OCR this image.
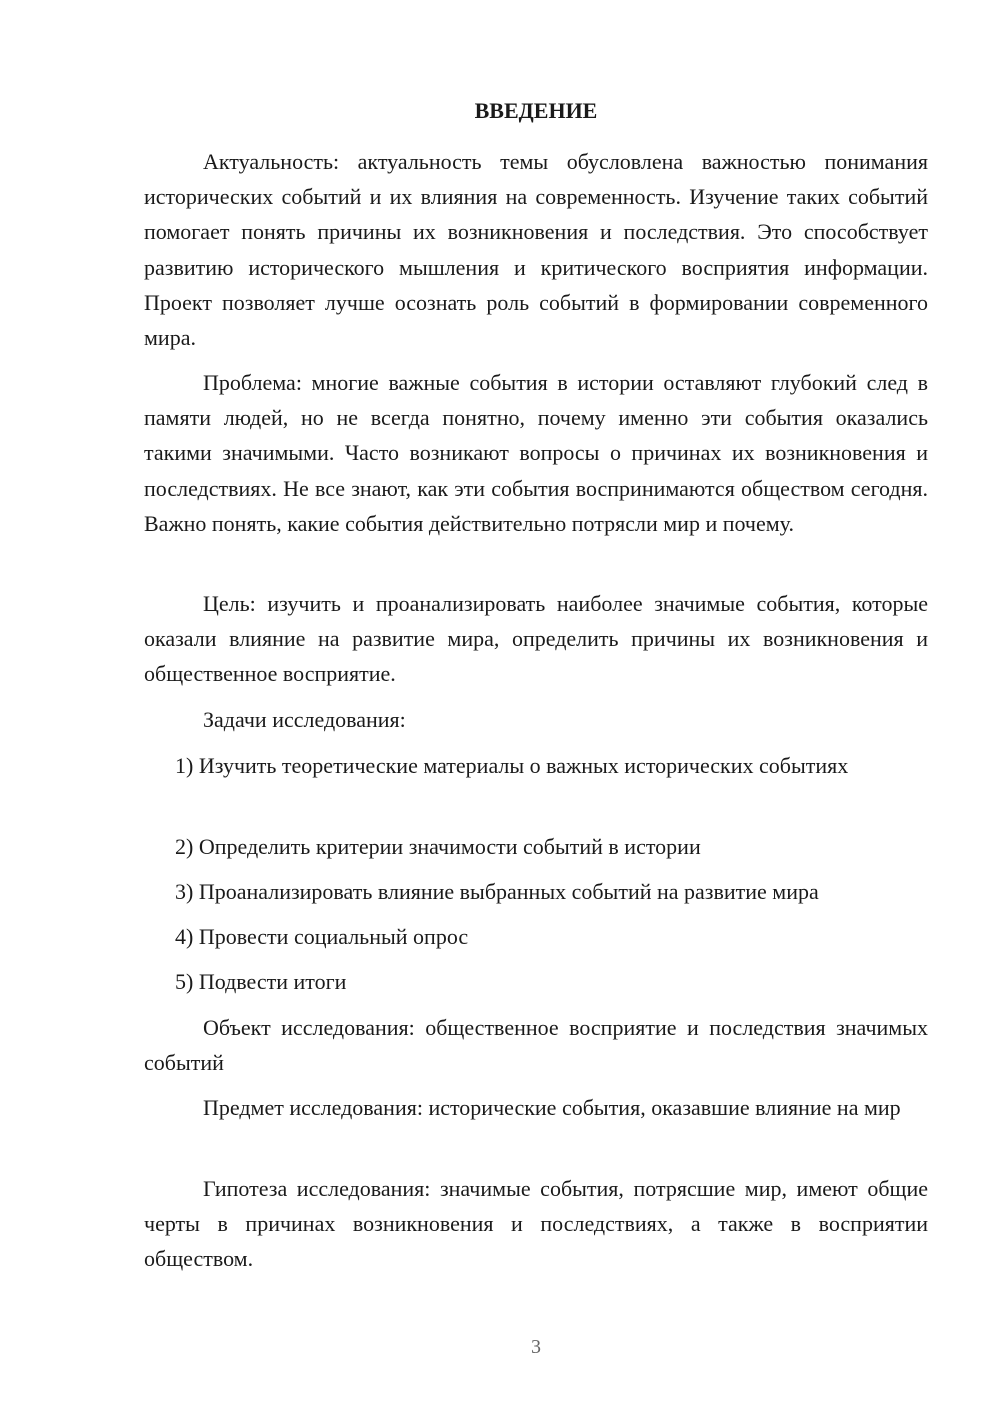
ВВЕДЕНИЕ

Актуальность: актуальность темы обусловлена важностью понимания исторических событий и их влияния на современность. Изучение таких событий помогает понять причины их возникновения и последствия. Это способствует развитию исторического мышления и критического восприятия информации. Проект позволяет лучше осознать роль событий в формировании современного мира.

Проблема: многие важные события в истории оставляют глубокий след в памяти людей, но не всегда понятно, почему именно эти события оказались такими значимыми. Часто возникают вопросы о причинах их возникновения и последствиях. Не все знают, как эти события воспринимаются обществом сегодня. Важно понять, какие события действительно потрясли мир и почему.

Цель: изучить и проанализировать наиболее значимые события, которые оказали влияние на развитие мира, определить причины их возникновения и общественное восприятие.

Задачи исследования:

1) Изучить теоретические материалы о важных исторических событиях

2) Определить критерии значимости событий в истории

3) Проанализировать влияние выбранных событий на развитие мира

4) Провести социальный опрос

5) Подвести итоги

Объект исследования: общественное восприятие и последствия значимых событий

Предмет исследования: исторические события, оказавшие влияние на мир

Гипотеза исследования: значимые события, потрясшие мир, имеют общие черты в причинах возникновения и последствиях, а также в восприятии обществом.

3
